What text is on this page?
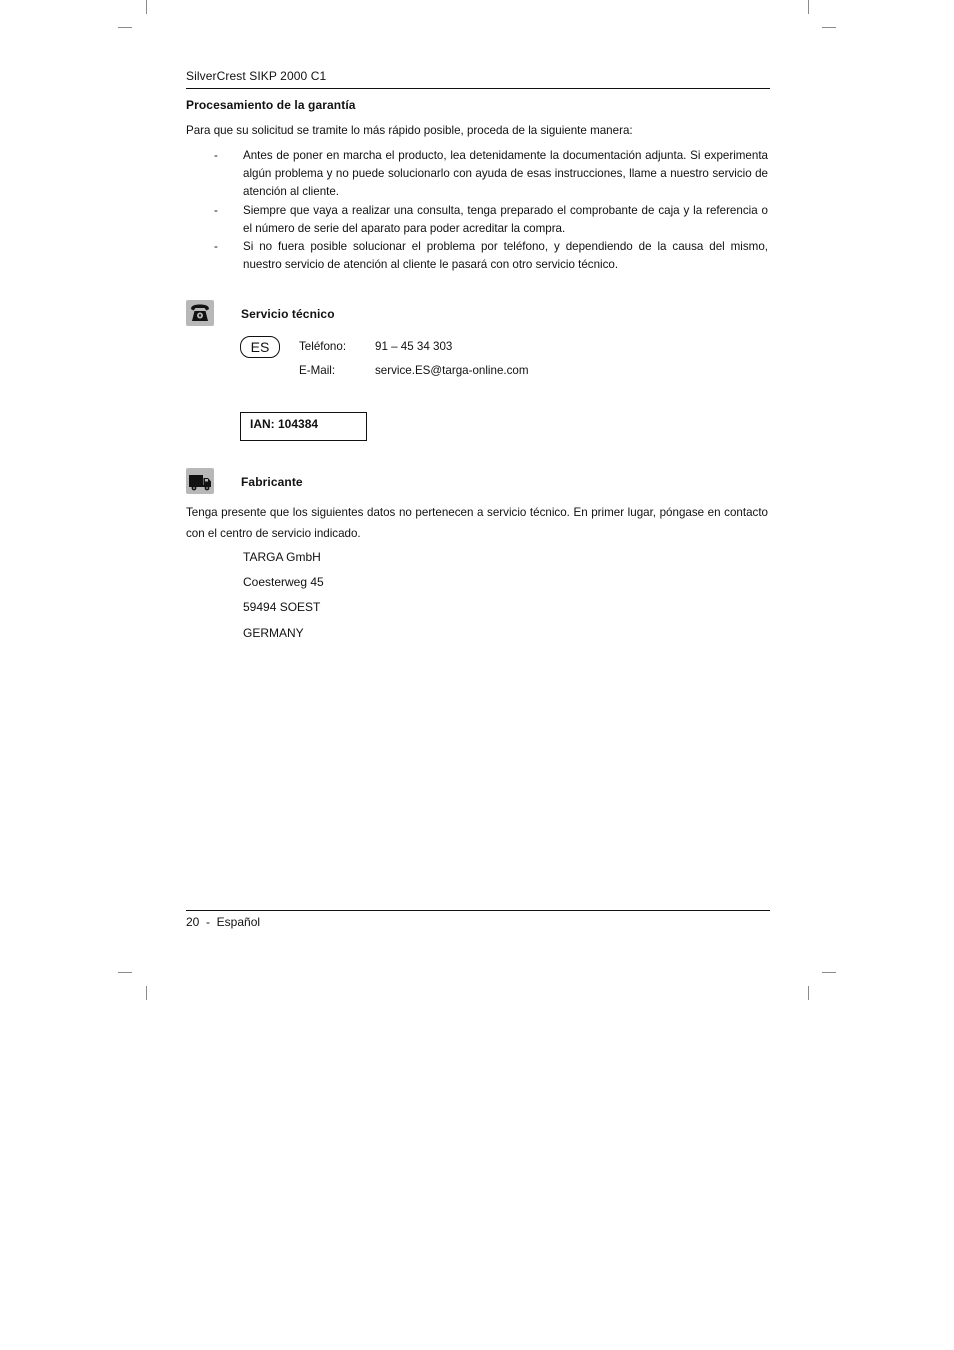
SilverCrest SIKP 2000 C1
Procesamiento de la garantía
Para que su solicitud se tramite lo más rápido posible, proceda de la siguiente manera:
- Antes de poner en marcha el producto, lea detenidamente la documentación adjunta. Si experimenta algún problema y no puede solucionarlo con ayuda de esas instrucciones, llame a nuestro servicio de atención al cliente.
- Siempre que vaya a realizar una consulta, tenga preparado el comprobante de caja y la referencia o el número de serie del aparato para poder acreditar la compra.
- Si no fuera posible solucionar el problema por teléfono, y dependiendo de la causa del mismo, nuestro servicio de atención al cliente le pasará con otro servicio técnico.
Servicio técnico
ES	Teléfono: 91 – 45 34 303
E-Mail:	service.ES@targa-online.com
IAN: 104384
Fabricante
Tenga presente que los siguientes datos no pertenecen a servicio técnico. En primer lugar, póngase en contacto con el centro de servicio indicado.
TARGA GmbH
Coesterweg 45
59494 SOEST
GERMANY
20  -  Español
